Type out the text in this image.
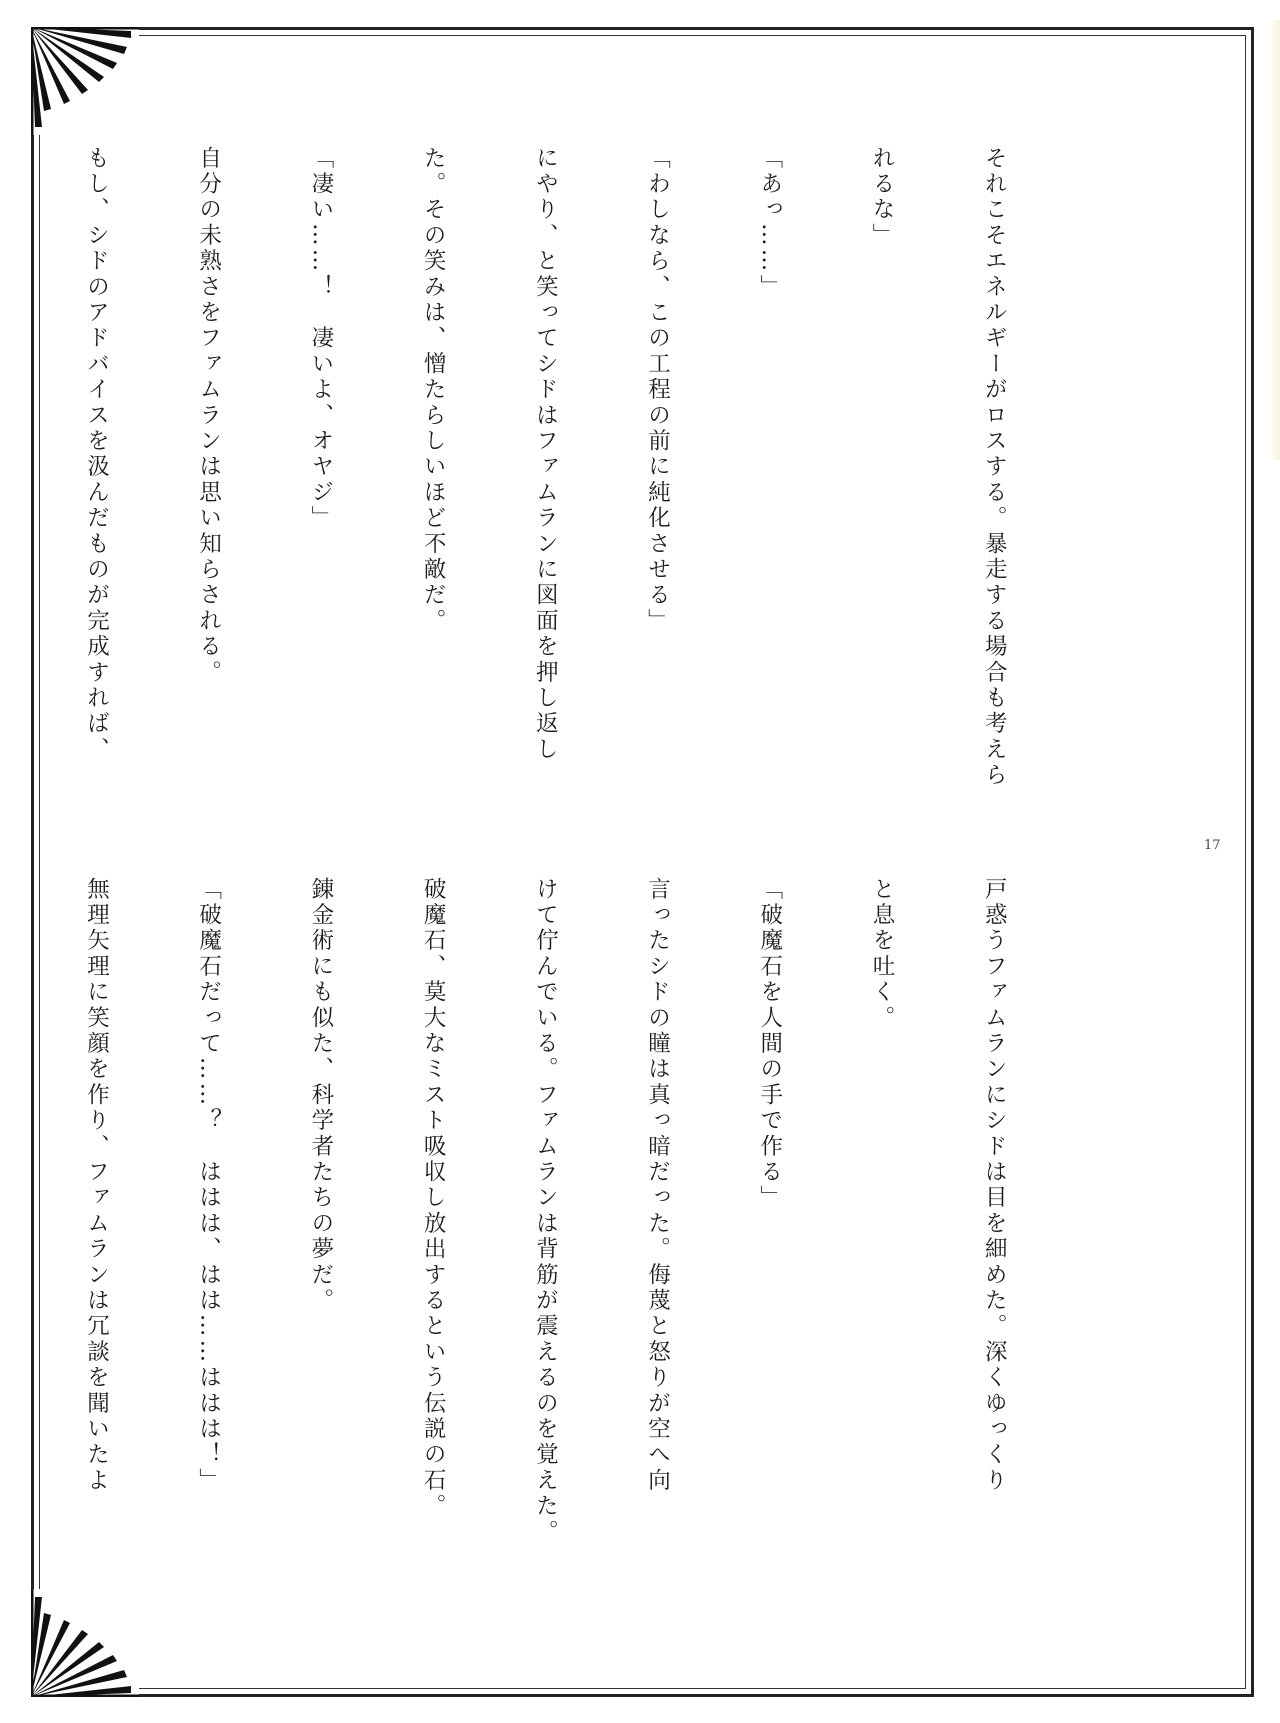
17

それこそエネルギーがロスする。暴走する場合も考えら

れるな」

「あっ……」

「わしなら、この工程の前に純化させる」

にやり、と笑ってシドはファムランに図面を押し返し

た。その笑みは、憎たらしいほど不敵だ。

「凄い……！　凄いよ、オヤジ」

自分の未熟さをファムランは思い知らされる。

もし、シドのアドバイスを汲んだものが完成すれば、

戸惑うファムランにシドは目を細めた。深くゆっくり

と息を吐く。

「破魔石を人間の手で作る」

言ったシドの瞳は真っ暗だった。侮蔑と怒りが空へ向

けて佇んでいる。ファムランは背筋が震えるのを覚えた。

破魔石、莫大なミスト吸収し放出するという伝説の石。

錬金術にも似た、科学者たちの夢だ。

「破魔石だって……？　ははは、はは……ははは！」

無理矢理に笑顔を作り、ファムランは冗談を聞いたよ
